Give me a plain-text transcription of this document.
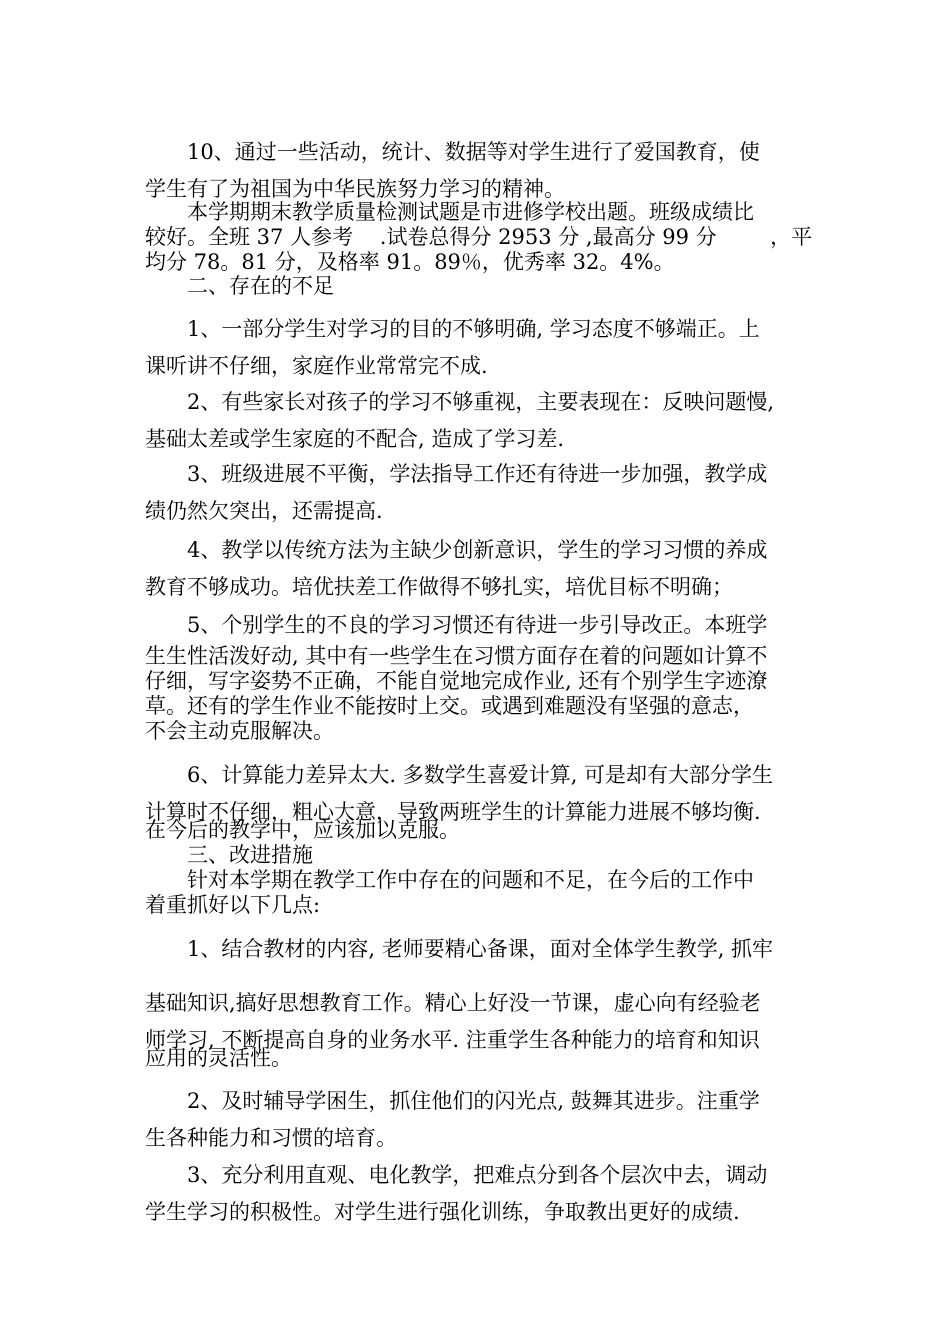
10、通过一些活动，统计、数据等对学生进行了爱国教育，使
学生有了为祖国为中华民族努力学习的精神。
本学期期末教学质量检测试题是市进修学校出题。班级成绩比
较好。全班 37 人参考    .试卷总得分 2953 分 ,最高分 99 分        ，平
均分 78。81 分，及格率 91。89％，优秀率 32。4%。
二、存在的不足
1、一部分学生对学习的目的不够明确, 学习态度不够端正。上
课听讲不仔细，家庭作业常常完不成.
2、有些家长对孩子的学习不够重视，主要表现在：反映问题慢,
基础太差或学生家庭的不配合, 造成了学习差.
3、班级进展不平衡，学法指导工作还有待进一步加强，教学成
绩仍然欠突出，还需提高.
4、教学以传统方法为主缺少创新意识，学生的学习习惯的养成
教育不够成功。培优扶差工作做得不够扎实，培优目标不明确；
5、个别学生的不良的学习习惯还有待进一步引导改正。本班学
生生性活泼好动, 其中有一些学生在习惯方面存在着的问题如计算不
仔细，写字姿势不正确，不能自觉地完成作业, 还有个别学生字迹潦
草。还有的学生作业不能按时上交。或遇到难题没有坚强的意志，
不会主动克服解决。
6、计算能力差异太大. 多数学生喜爱计算, 可是却有大部分学生
计算时不仔细，粗心大意，导致两班学生的计算能力进展不够均衡.
在今后的教学中，应该加以克服。
三、改进措施
针对本学期在教学工作中存在的问题和不足，在今后的工作中
着重抓好以下几点:
1、结合教材的内容, 老师要精心备课，面对全体学生教学, 抓牢
基础知识,搞好思想教育工作。精心上好没一节课，虚心向有经验老
师学习, 不断提高自身的业务水平. 注重学生各种能力的培育和知识
应用的灵活性。
2、及时辅导学困生，抓住他们的闪光点, 鼓舞其进步。注重学
生各种能力和习惯的培育。
3、充分利用直观、电化教学，把难点分到各个层次中去，调动
学生学习的积极性。对学生进行强化训练，争取教出更好的成绩.
